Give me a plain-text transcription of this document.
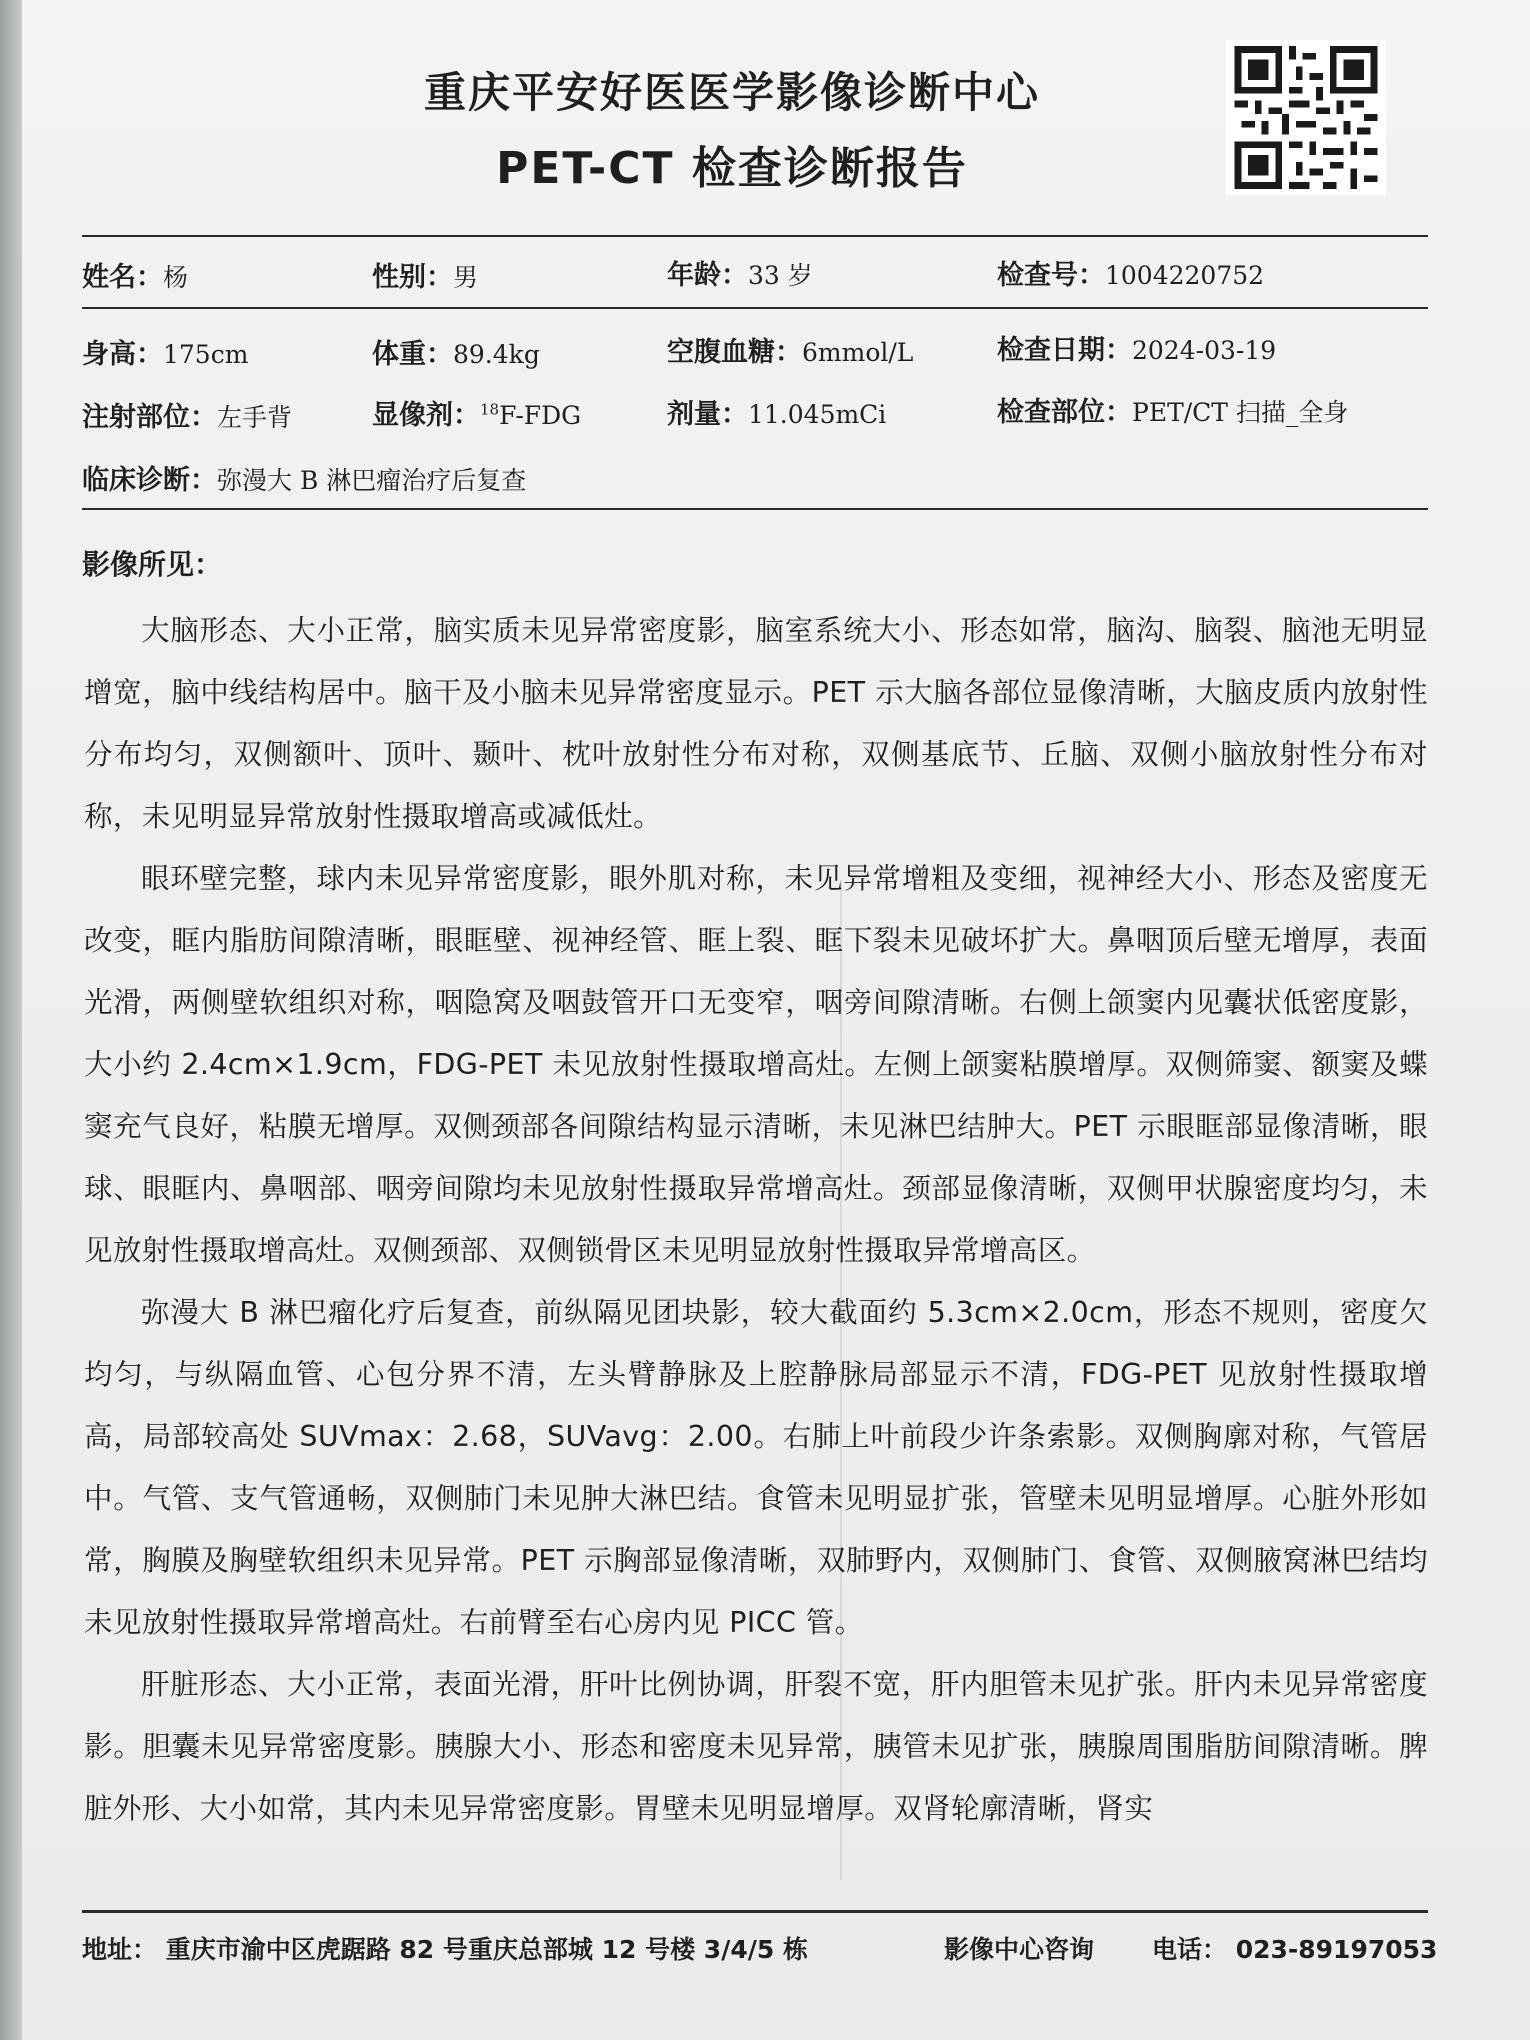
重庆平安好医医学影像诊断中心
PET-CT 检查诊断报告
姓名：杨	性别：男	年龄：33 岁	检查号：1004220752
身高：175cm	体重：89.4kg	空腹血糖：6mmol/L	检查日期：2024-03-19
注射部位：左手背	显像剂：$^{18}$F-FDG	剂量：11.045mCi	检查部位：PET/CT 扫描_全身
临床诊断：弥漫大 B 淋巴瘤治疗后复查
影像所见：

大脑形态、大小正常，脑实质未见异常密度影，脑室系统大小、形态如常，脑沟、脑裂、脑池无明显增宽，脑中线结构居中。脑干及小脑未见异常密度显示。PET 示大脑各部位显像清晰，大脑皮质内放射性分布均匀，双侧额叶、顶叶、颞叶、枕叶放射性分布对称，双侧基底节、丘脑、双侧小脑放射性分布对称，未见明显异常放射性摄取增高或减低灶。

眼环壁完整，球内未见异常密度影，眼外肌对称，未见异常增粗及变细，视神经大小、形态及密度无改变，眶内脂肪间隙清晰，眼眶壁、视神经管、眶上裂、眶下裂未见破坏扩大。鼻咽顶后壁无增厚，表面光滑，两侧壁软组织对称，咽隐窝及咽鼓管开口无变窄，咽旁间隙清晰。右侧上颌窦内见囊状低密度影，大小约 2.4cm×1.9cm，FDG-PET 未见放射性摄取增高灶。左侧上颌窦粘膜增厚。双侧筛窦、额窦及蝶窦充气良好，粘膜无增厚。双侧颈部各间隙结构显示清晰，未见淋巴结肿大。PET 示眼眶部显像清晰，眼球、眼眶内、鼻咽部、咽旁间隙均未见放射性摄取异常增高灶。颈部显像清晰，双侧甲状腺密度均匀，未见放射性摄取增高灶。双侧颈部、双侧锁骨区未见明显放射性摄取异常增高区。

弥漫大 B 淋巴瘤化疗后复查，前纵隔见团块影，较大截面约 5.3cm×2.0cm，形态不规则，密度欠均匀，与纵隔血管、心包分界不清，左头臂静脉及上腔静脉局部显示不清，FDG-PET 见放射性摄取增高，局部较高处 SUVmax：2.68，SUVavg：2.00。右肺上叶前段少许条索影。双侧胸廓对称，气管居中。气管、支气管通畅，双侧肺门未见肿大淋巴结。食管未见明显扩张，管壁未见明显增厚。心脏外形如常，胸膜及胸壁软组织未见异常。PET 示胸部显像清晰，双肺野内，双侧肺门、食管、双侧腋窝淋巴结均未见放射性摄取异常增高灶。右前臂至右心房内见 PICC 管。

肝脏形态、大小正常，表面光滑，肝叶比例协调，肝裂不宽，肝内胆管未见扩张。肝内未见异常密度影。胆囊未见异常密度影。胰腺大小、形态和密度未见异常，胰管未见扩张，胰腺周围脂肪间隙清晰。脾脏外形、大小如常，其内未见异常密度影。胃壁未见明显增厚。双肾轮廓清晰，肾实

地址： 重庆市渝中区虎踞路 82 号重庆总部城 12 号楼 3/4/5 栋	影像中心咨询 电话： 023-89197053
